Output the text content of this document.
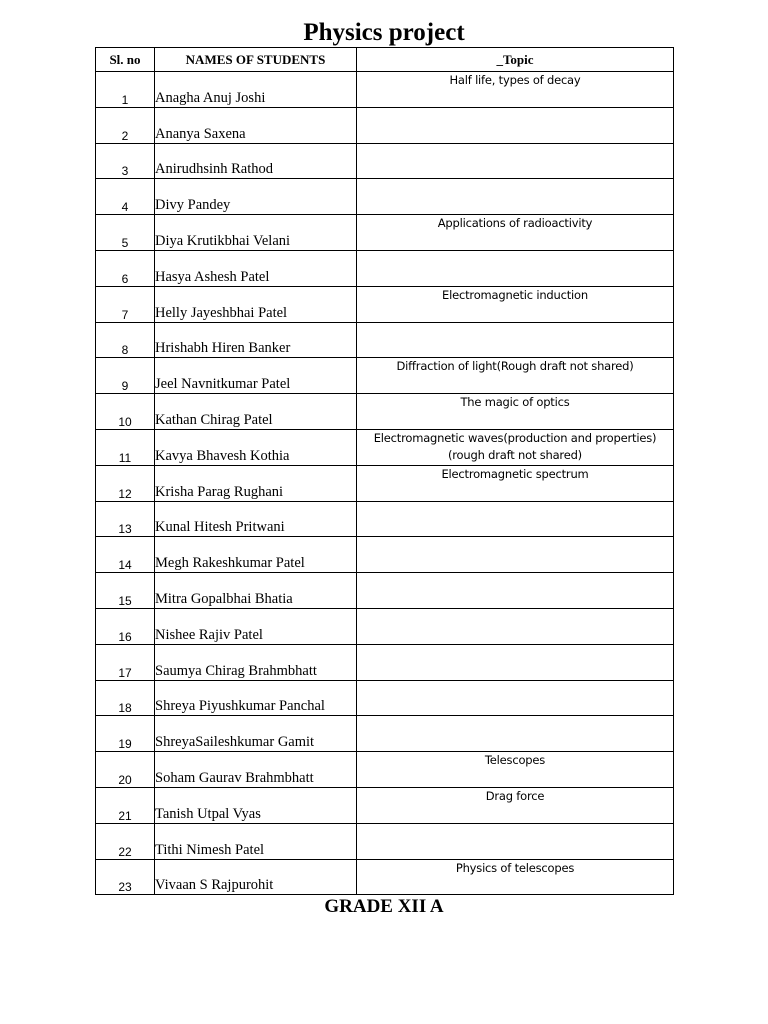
Physics project
Sl. no	NAMES OF STUDENTS	_Topic
1	Anagha Anuj Joshi	Half life, types of decay
2	Ananya Saxena	
3	Anirudhsinh Rathod	
4	Divy Pandey	
5	Diya Krutikbhai Velani	Applications of radioactivity
6	Hasya Ashesh Patel	
7	Helly Jayeshbhai Patel	Electromagnetic induction
8	Hrishabh Hiren Banker	
9	Jeel Navnitkumar Patel	Diffraction of light(Rough draft not shared)
10	Kathan Chirag Patel	The magic of optics
11	Kavya Bhavesh Kothia	Electromagnetic waves(production and properties)(rough draft not shared)
12	Krisha Parag Rughani	Electromagnetic spectrum
13	Kunal Hitesh Pritwani	
14	Megh Rakeshkumar Patel	
15	Mitra Gopalbhai Bhatia	
16	Nishee Rajiv Patel	
17	Saumya Chirag Brahmbhatt	
18	Shreya Piyushkumar Panchal	
19	ShreyaSaileshkumar Gamit	
20	Soham Gaurav Brahmbhatt	Telescopes
21	Tanish Utpal Vyas	Drag force
22	Tithi Nimesh Patel	
23	Vivaan S Rajpurohit	Physics of telescopes
GRADE XII A
